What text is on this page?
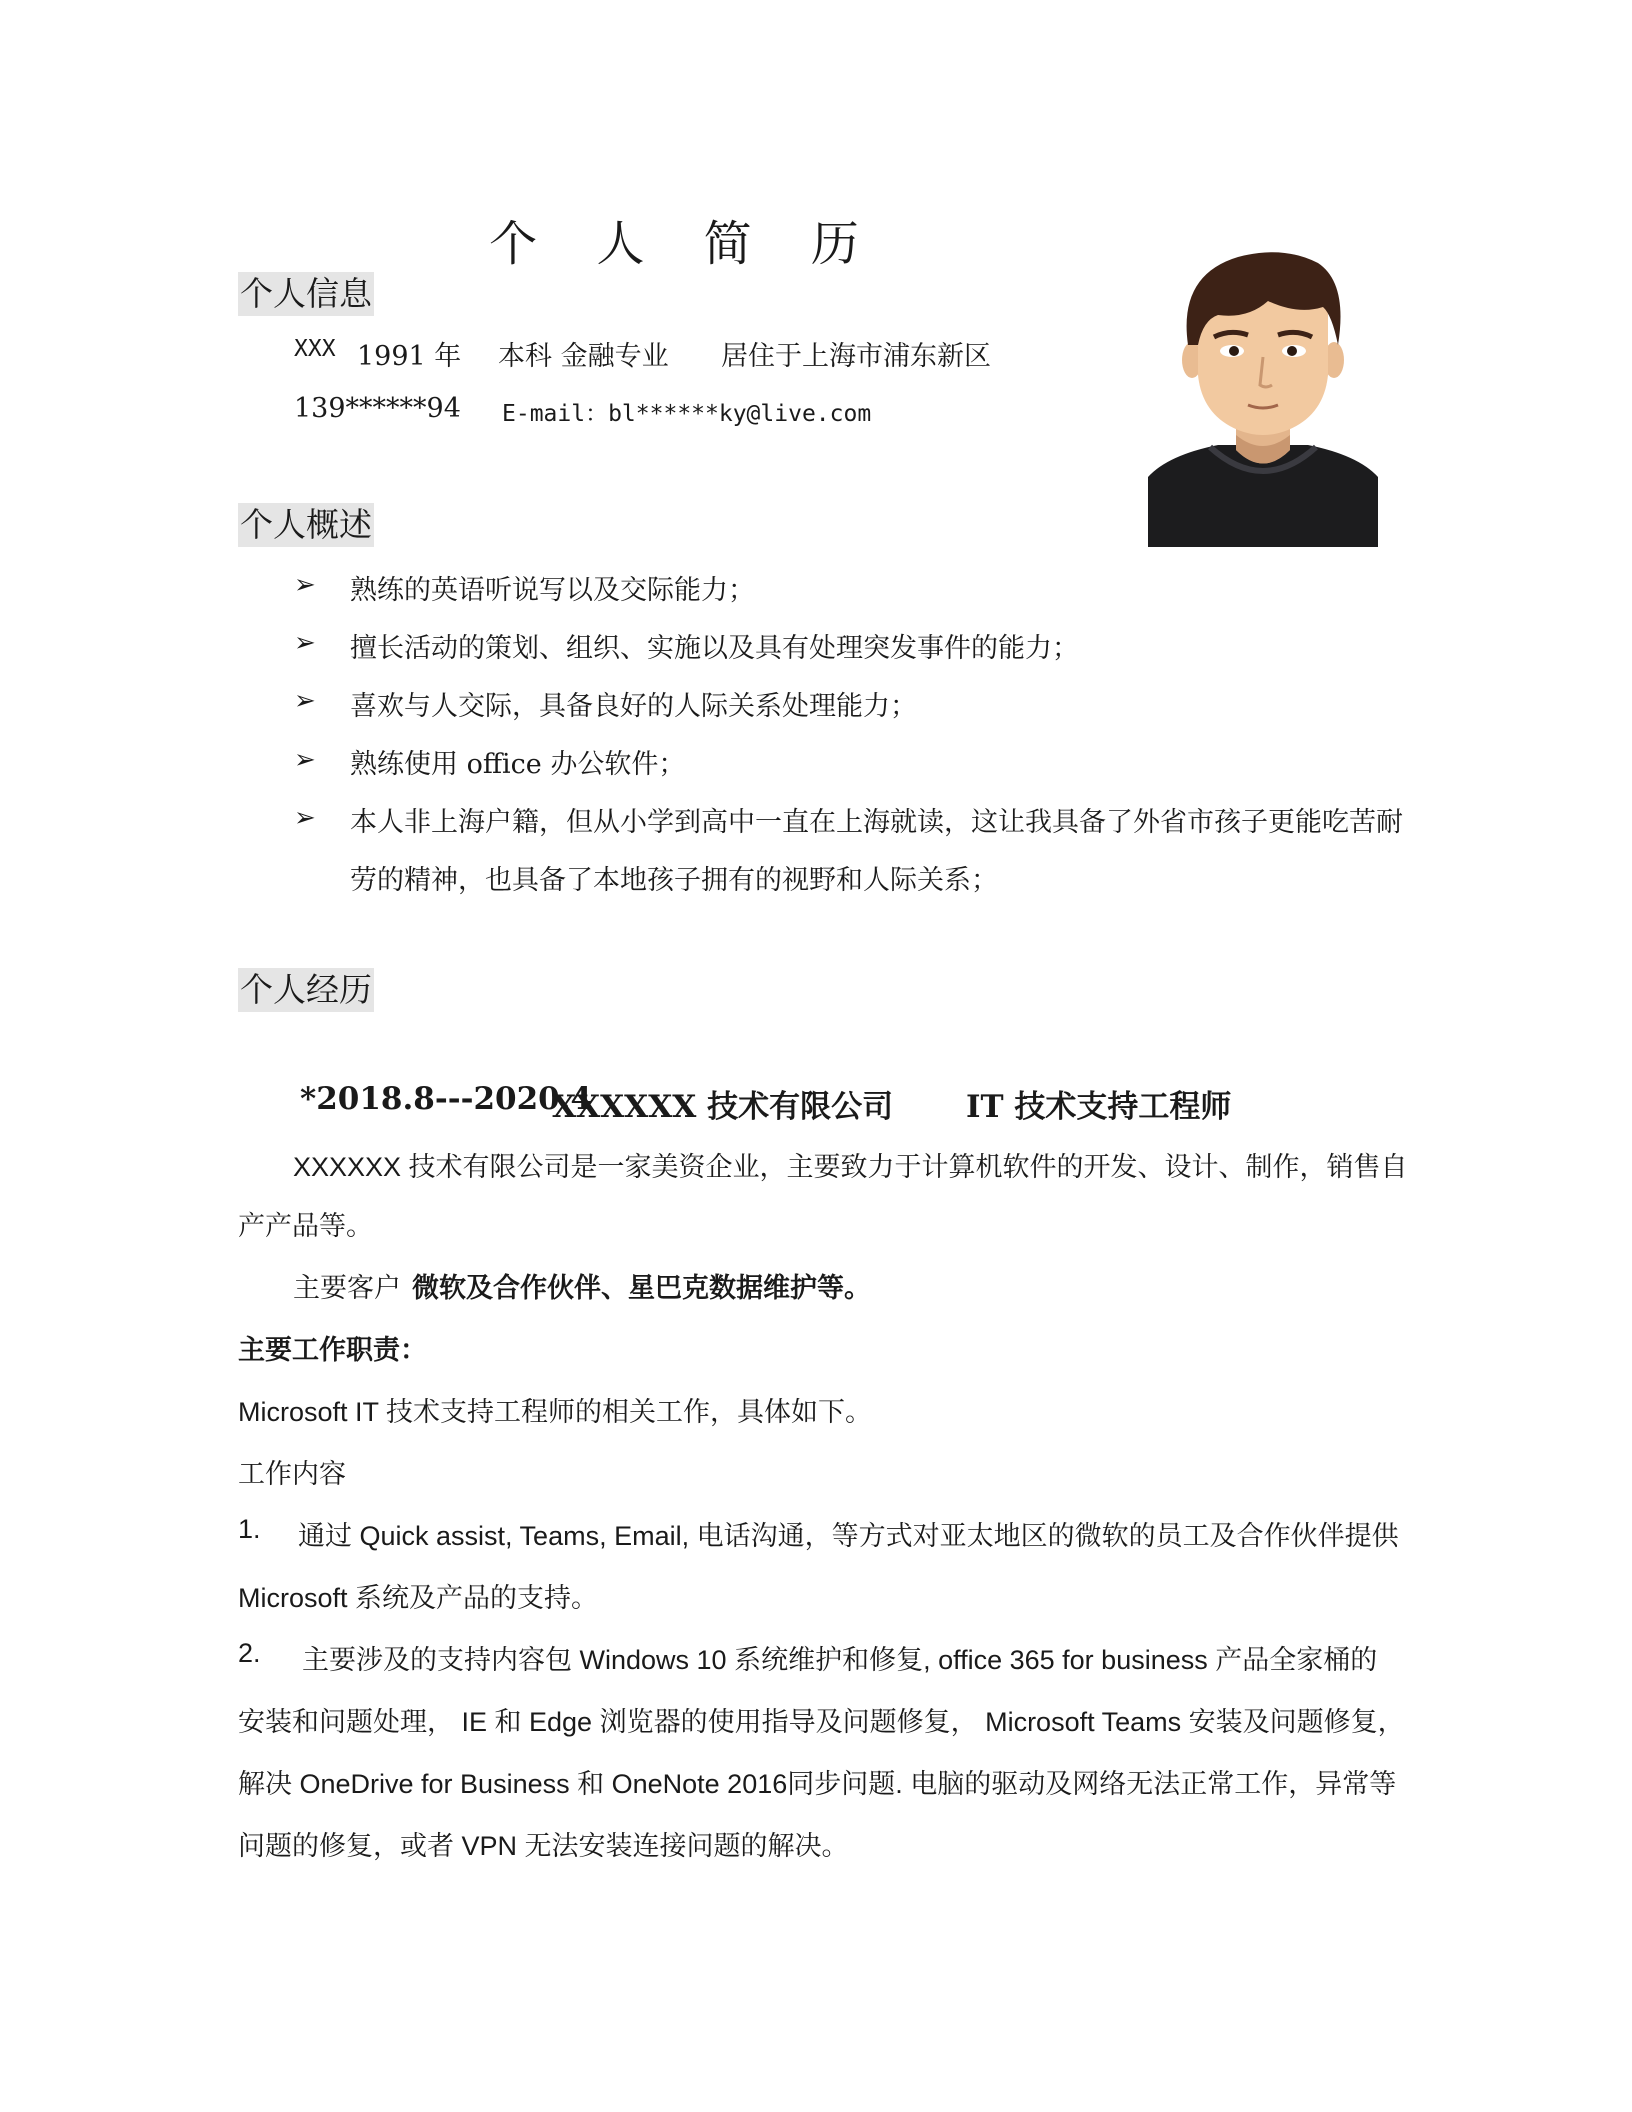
个 人 简 历
个人信息
XXX 1991 年 本科 金融专业 居住于上海市浦东新区
139******94 E-mail：bl******ky@live.com
个人概述
➢ 熟练的英语听说写以及交际能力；
➢ 擅长活动的策划、组织、实施以及具有处理突发事件的能力；
➢ 喜欢与人交际，具备良好的人际关系处理能力；
➢ 熟练使用 office 办公软件；
➢ 本人非上海户籍，但从小学到高中一直在上海就读，这让我具备了外省市孩子更能吃苦耐
劳的精神，也具备了本地孩子拥有的视野和人际关系；
个人经历
*2018.8---2020.4
XXXXXX 技术有限公司 IT 技术支持工程师
XXXXXX 技术有限公司是一家美资企业，主要致力于计算机软件的开发、设计、制作，销售自
产产品等。
主要客户 微软及合作伙伴、星巴克数据维护等。
主要工作职责：
Microsoft IT 技术支持工程师的相关工作，具体如下。
工作内容
1. 通过 Quick assist, Teams, Email, 电话沟通，等方式对亚太地区的微软的员工及合作伙伴提供
Microsoft 系统及产品的支持。
2. 主要涉及的支持内容包 Windows 10 系统维护和修复, office 365 for business 产品全家桶的
安装和问题处理， IE 和 Edge 浏览器的使用指导及问题修复， Microsoft Teams 安装及问题修复，
解决 OneDrive for Business 和 OneNote 2016同步问题. 电脑的驱动及网络无法正常工作，异常等
问题的修复，或者 VPN 无法安装连接问题的解决。
